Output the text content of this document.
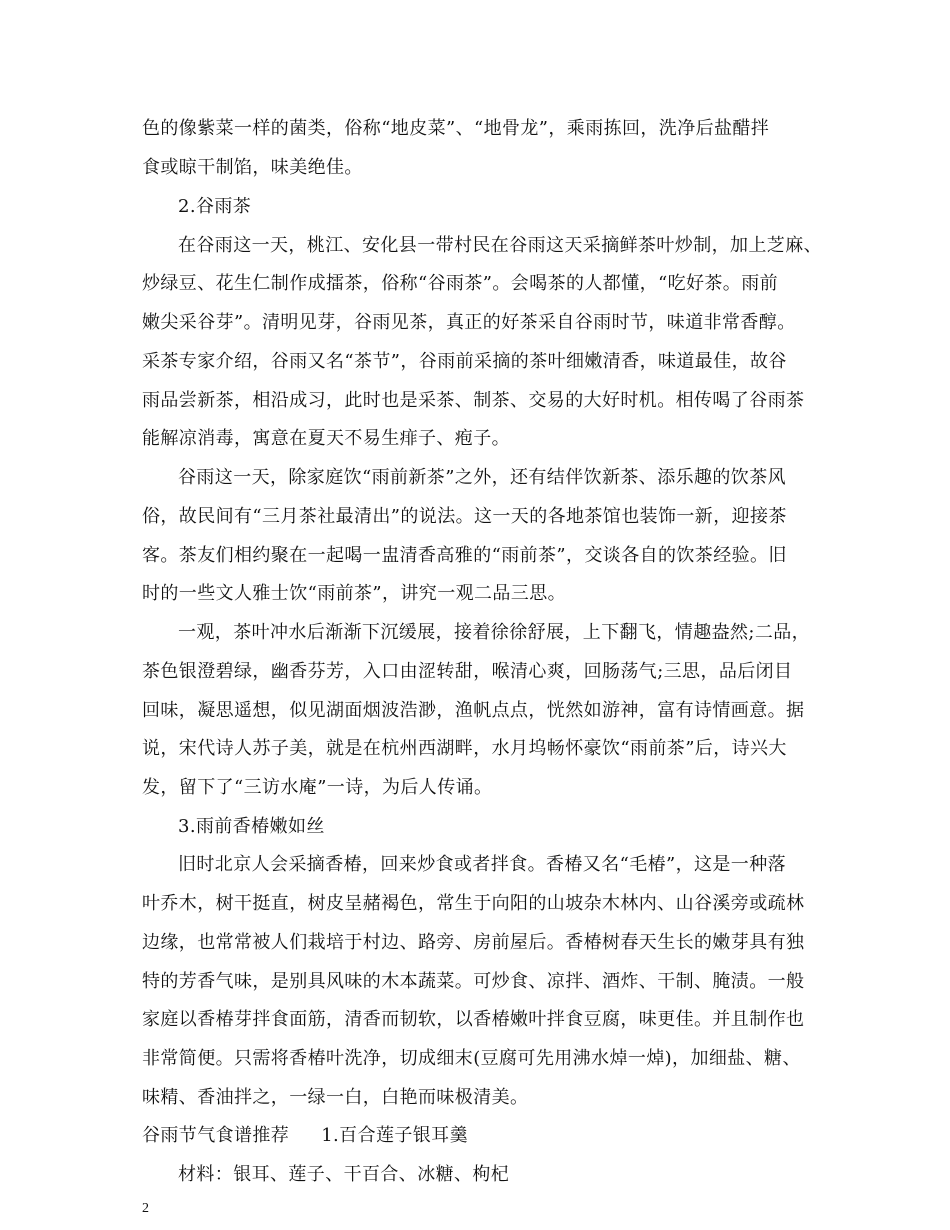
色的像紫菜一样的菌类，俗称“地皮菜”、“地骨龙”，乘雨拣回，洗净后盐醋拌
食或晾干制馅，味美绝佳。
2.谷雨茶
在谷雨这一天，桃江、安化县一带村民在谷雨这天采摘鲜茶叶炒制，加上芝麻、
炒绿豆、花生仁制作成擂茶，俗称“谷雨茶”。会喝茶的人都懂，“吃好茶。雨前
嫩尖采谷芽”。清明见芽，谷雨见茶，真正的好茶采自谷雨时节，味道非常香醇。
采茶专家介绍，谷雨又名“茶节”，谷雨前采摘的茶叶细嫩清香，味道最佳，故谷
雨品尝新茶，相沿成习，此时也是采茶、制茶、交易的大好时机。相传喝了谷雨茶
能解凉消毒，寓意在夏天不易生痱子、疱子。
谷雨这一天，除家庭饮“雨前新茶”之外，还有结伴饮新茶、添乐趣的饮茶风
俗，故民间有“三月茶社最清出”的说法。这一天的各地茶馆也装饰一新，迎接茶
客。茶友们相约聚在一起喝一盅清香高雅的“雨前茶”，交谈各自的饮茶经验。旧
时的一些文人雅士饮“雨前茶”，讲究一观二品三思。
一观，茶叶冲水后渐渐下沉缓展，接着徐徐舒展，上下翻飞，情趣盎然;二品，
茶色银澄碧绿，幽香芬芳，入口由涩转甜，喉清心爽，回肠荡气;三思，品后闭目
回味，凝思遥想，似见湖面烟波浩渺，渔帆点点，恍然如游神，富有诗情画意。据
说，宋代诗人苏子美，就是在杭州西湖畔，水月坞畅怀豪饮“雨前茶”后，诗兴大
发，留下了“三访水庵”一诗，为后人传诵。
3.雨前香椿嫩如丝
旧时北京人会采摘香椿，回来炒食或者拌食。香椿又名“毛椿”，这是一种落
叶乔木，树干挺直，树皮呈赭褐色，常生于向阳的山坡杂木林内、山谷溪旁或疏林
边缘，也常常被人们栽培于村边、路旁、房前屋后。香椿树春天生长的嫩芽具有独
特的芳香气味，是别具风味的木本蔬菜。可炒食、凉拌、酒炸、干制、腌渍。一般
家庭以香椿芽拌食面筋，清香而韧软，以香椿嫩叶拌食豆腐，味更佳。并且制作也
非常简便。只需将香椿叶洗净，切成细末(豆腐可先用沸水焯一焯)，加细盐、糖、
味精、香油拌之，一绿一白，白艳而味极清美。
谷雨节气食谱推荐 1.百合莲子银耳羹
材料：银耳、莲子、干百合、冰糖、枸杞
2
